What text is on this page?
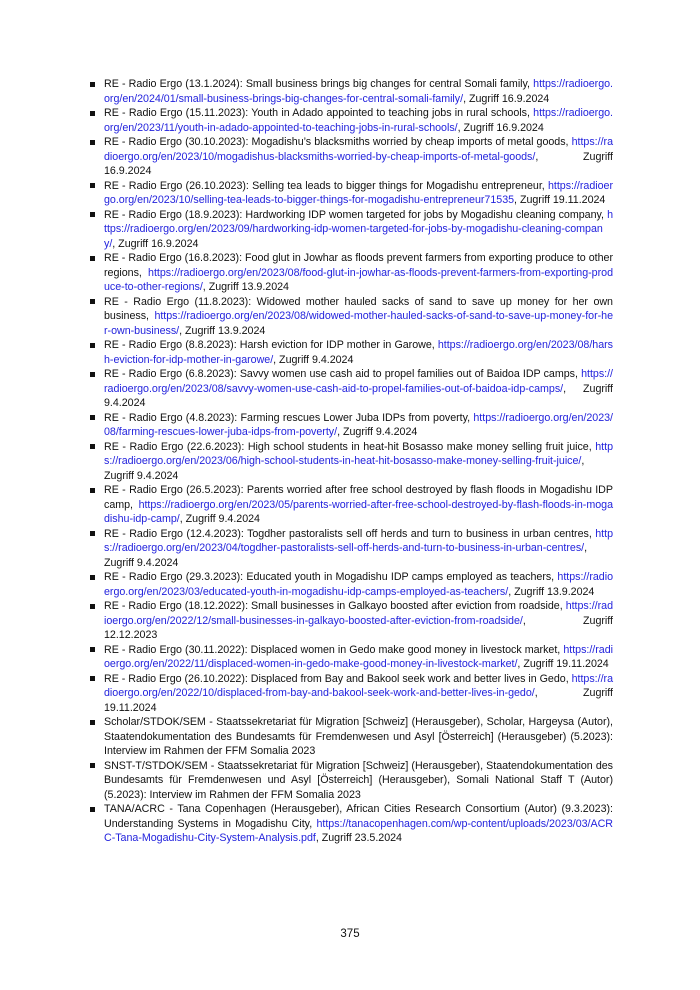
RE - Radio Ergo (13.1.2024): Small business brings big changes for central Somali family, https://radioergo.org/en/2024/01/small-business-brings-big-changes-for-central-somali-family/, Zugriff 16.9.2024
RE - Radio Ergo (15.11.2023): Youth in Adado appointed to teaching jobs in rural schools, https://radioergo.org/en/2023/11/youth-in-adado-appointed-to-teaching-jobs-in-rural-schools/, Zugriff 16.9.2024
RE - Radio Ergo (30.10.2023): Mogadishu’s blacksmiths worried by cheap imports of metal goods, https://radioergo.org/en/2023/10/mogadishus-blacksmiths-worried-by-cheap-imports-of-metal-goods/, Zugriff 16.9.2024
RE - Radio Ergo (26.10.2023): Selling tea leads to bigger things for Mogadishu entrepreneur, https://radioergo.org/en/2023/10/selling-tea-leads-to-bigger-things-for-mogadishu-entrepreneur71535, Zugriff 19.11.2024
RE - Radio Ergo (18.9.2023): Hardworking IDP women targeted for jobs by Mogadishu cleaning company, https://radioergo.org/en/2023/09/hardworking-idp-women-targeted-for-jobs-by-mogadishu-cleaning-company/, Zugriff 16.9.2024
RE - Radio Ergo (16.8.2023): Food glut in Jowhar as floods prevent farmers from exporting produce to other regions, https://radioergo.org/en/2023/08/food-glut-in-jowhar-as-floods-prevent-farmers-from-exporting-produce-to-other-regions/, Zugriff 13.9.2024
RE - Radio Ergo (11.8.2023): Widowed mother hauled sacks of sand to save up money for her own business, https://radioergo.org/en/2023/08/widowed-mother-hauled-sacks-of-sand-to-save-up-money-for-her-own-business/, Zugriff 13.9.2024
RE - Radio Ergo (8.8.2023): Harsh eviction for IDP mother in Garowe, https://radioergo.org/en/2023/08/harsh-eviction-for-idp-mother-in-garowe/, Zugriff 9.4.2024
RE - Radio Ergo (6.8.2023): Savvy women use cash aid to propel families out of Baidoa IDP camps, https://radioergo.org/en/2023/08/savvy-women-use-cash-aid-to-propel-families-out-of-baidoa-idp-camps/, Zugriff 9.4.2024
RE - Radio Ergo (4.8.2023): Farming rescues Lower Juba IDPs from poverty, https://radioergo.org/en/2023/08/farming-rescues-lower-juba-idps-from-poverty/, Zugriff 9.4.2024
RE - Radio Ergo (22.6.2023): High school students in heat-hit Bosasso make money selling fruit juice, https://radioergo.org/en/2023/06/high-school-students-in-heat-hit-bosasso-make-money-selling-fruit-juice/, Zugriff 9.4.2024
RE - Radio Ergo (26.5.2023): Parents worried after free school destroyed by flash floods in Mogadishu IDP camp, https://radioergo.org/en/2023/05/parents-worried-after-free-school-destroyed-by-flash-floods-in-mogadishu-idp-camp/, Zugriff 9.4.2024
RE - Radio Ergo (12.4.2023): Togdher pastoralists sell off herds and turn to business in urban centres, https://radioergo.org/en/2023/04/togdher-pastoralists-sell-off-herds-and-turn-to-business-in-urban-centres/, Zugriff 9.4.2024
RE - Radio Ergo (29.3.2023): Educated youth in Mogadishu IDP camps employed as teachers, https://radioergo.org/en/2023/03/educated-youth-in-mogadishu-idp-camps-employed-as-teachers/, Zugriff 13.9.2024
RE - Radio Ergo (18.12.2022): Small businesses in Galkayo boosted after eviction from roadside, https://radioergo.org/en/2022/12/small-businesses-in-galkayo-boosted-after-eviction-from-roadside/, Zugriff 12.12.2023
RE - Radio Ergo (30.11.2022): Displaced women in Gedo make good money in livestock market, https://radioergo.org/en/2022/11/displaced-women-in-gedo-make-good-money-in-livestock-market/, Zugriff 19.11.2024
RE - Radio Ergo (26.10.2022): Displaced from Bay and Bakool seek work and better lives in Gedo, https://radioergo.org/en/2022/10/displaced-from-bay-and-bakool-seek-work-and-better-lives-in-gedo/, Zugriff 19.11.2024
Scholar/STDOK/SEM - Staatssekretariat für Migration [Schweiz] (Herausgeber), Scholar, Hargeysa (Autor), Staatendokumentation des Bundesamts für Fremdenwesen und Asyl [Österreich] (Herausgeber) (5.2023): Interview im Rahmen der FFM Somalia 2023
SNST-T/STDOK/SEM - Staatssekretariat für Migration [Schweiz] (Herausgeber), Staatendokumentation des Bundesamts für Fremdenwesen und Asyl [Österreich] (Herausgeber), Somali National Staff T (Autor) (5.2023): Interview im Rahmen der FFM Somalia 2023
TANA/ACRC - Tana Copenhagen (Herausgeber), African Cities Research Consortium (Autor) (9.3.2023): Understanding Systems in Mogadishu City, https://tanacopenhagen.com/wp-content/uploads/2023/03/ACRC-Tana-Mogadishu-City-System-Analysis.pdf, Zugriff 23.5.2024
375
